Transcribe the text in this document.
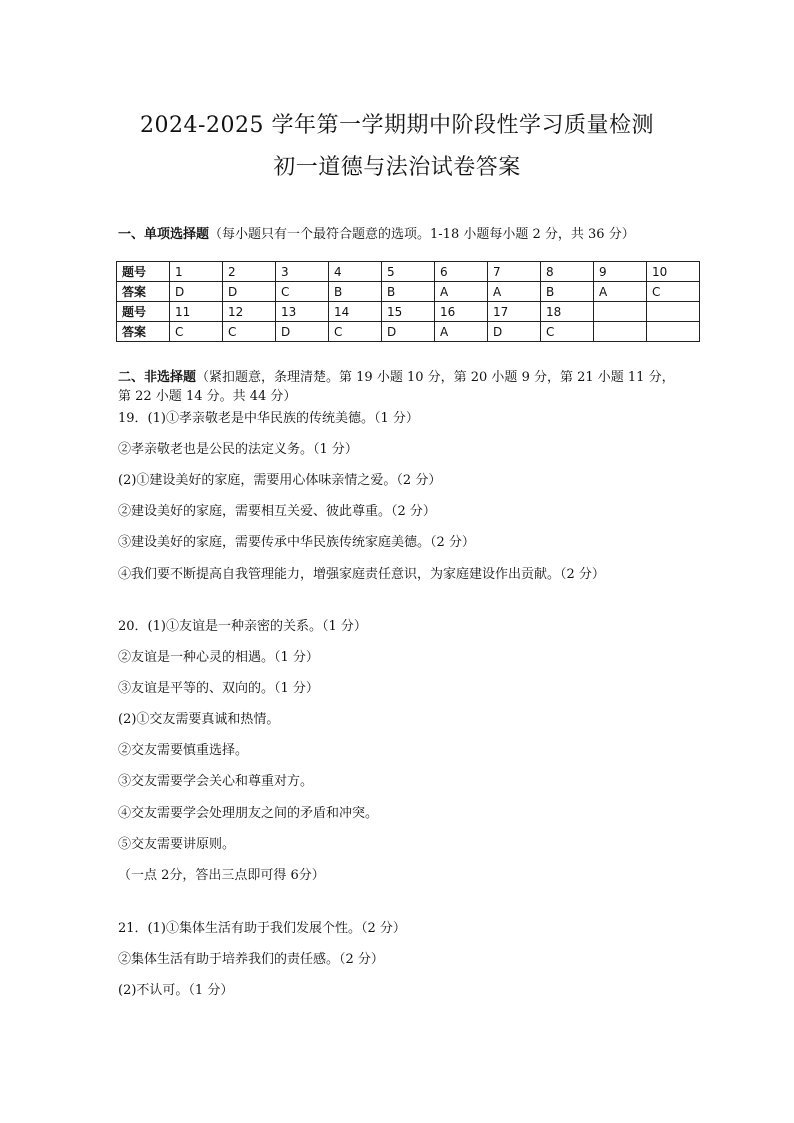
2024-2025 学年第一学期期中阶段性学习质量检测
初一道德与法治试卷答案
一、单项选择题（每小题只有一个最符合题意的选项。1-18 小题每小题 2 分，共 36 分）
题号	1	2	3	4	5	6	7	8	9	10
答案	D	D	C	B	B	A	A	B	A	C
题号	11	12	13	14	15	16	17	18		
答案	C	C	D	C	D	A	D	C		
二、非选择题（紧扣题意，条理清楚。第 19 小题 10 分，第 20 小题 9 分，第 21 小题 11 分，
第 22 小题 14 分。共 44 分）
19．(1)①孝亲敬老是中华民族的传统美德。（1 分）
②孝亲敬老也是公民的法定义务。（1 分）
(2)①建设美好的家庭，需要用心体味亲情之爱。（2 分）
②建设美好的家庭，需要相互关爱、彼此尊重。（2 分）
③建设美好的家庭，需要传承中华民族传统家庭美德。（2 分）
④我们要不断提高自我管理能力，增强家庭责任意识，为家庭建设作出贡献。（2 分）
20．(1)①友谊是一种亲密的关系。（1 分）
②友谊是一种心灵的相遇。（1 分）
③友谊是平等的、双向的。（1 分）
(2)①交友需要真诚和热情。
②交友需要慎重选择。
③交友需要学会关心和尊重对方。
④交友需要学会处理朋友之间的矛盾和冲突。
⑤交友需要讲原则。
（一点 2分，答出三点即可得 6分）
21．(1)①集体生活有助于我们发展个性。（2 分）
②集体生活有助于培养我们的责任感。（2 分）
(2)不认可。（1 分）
